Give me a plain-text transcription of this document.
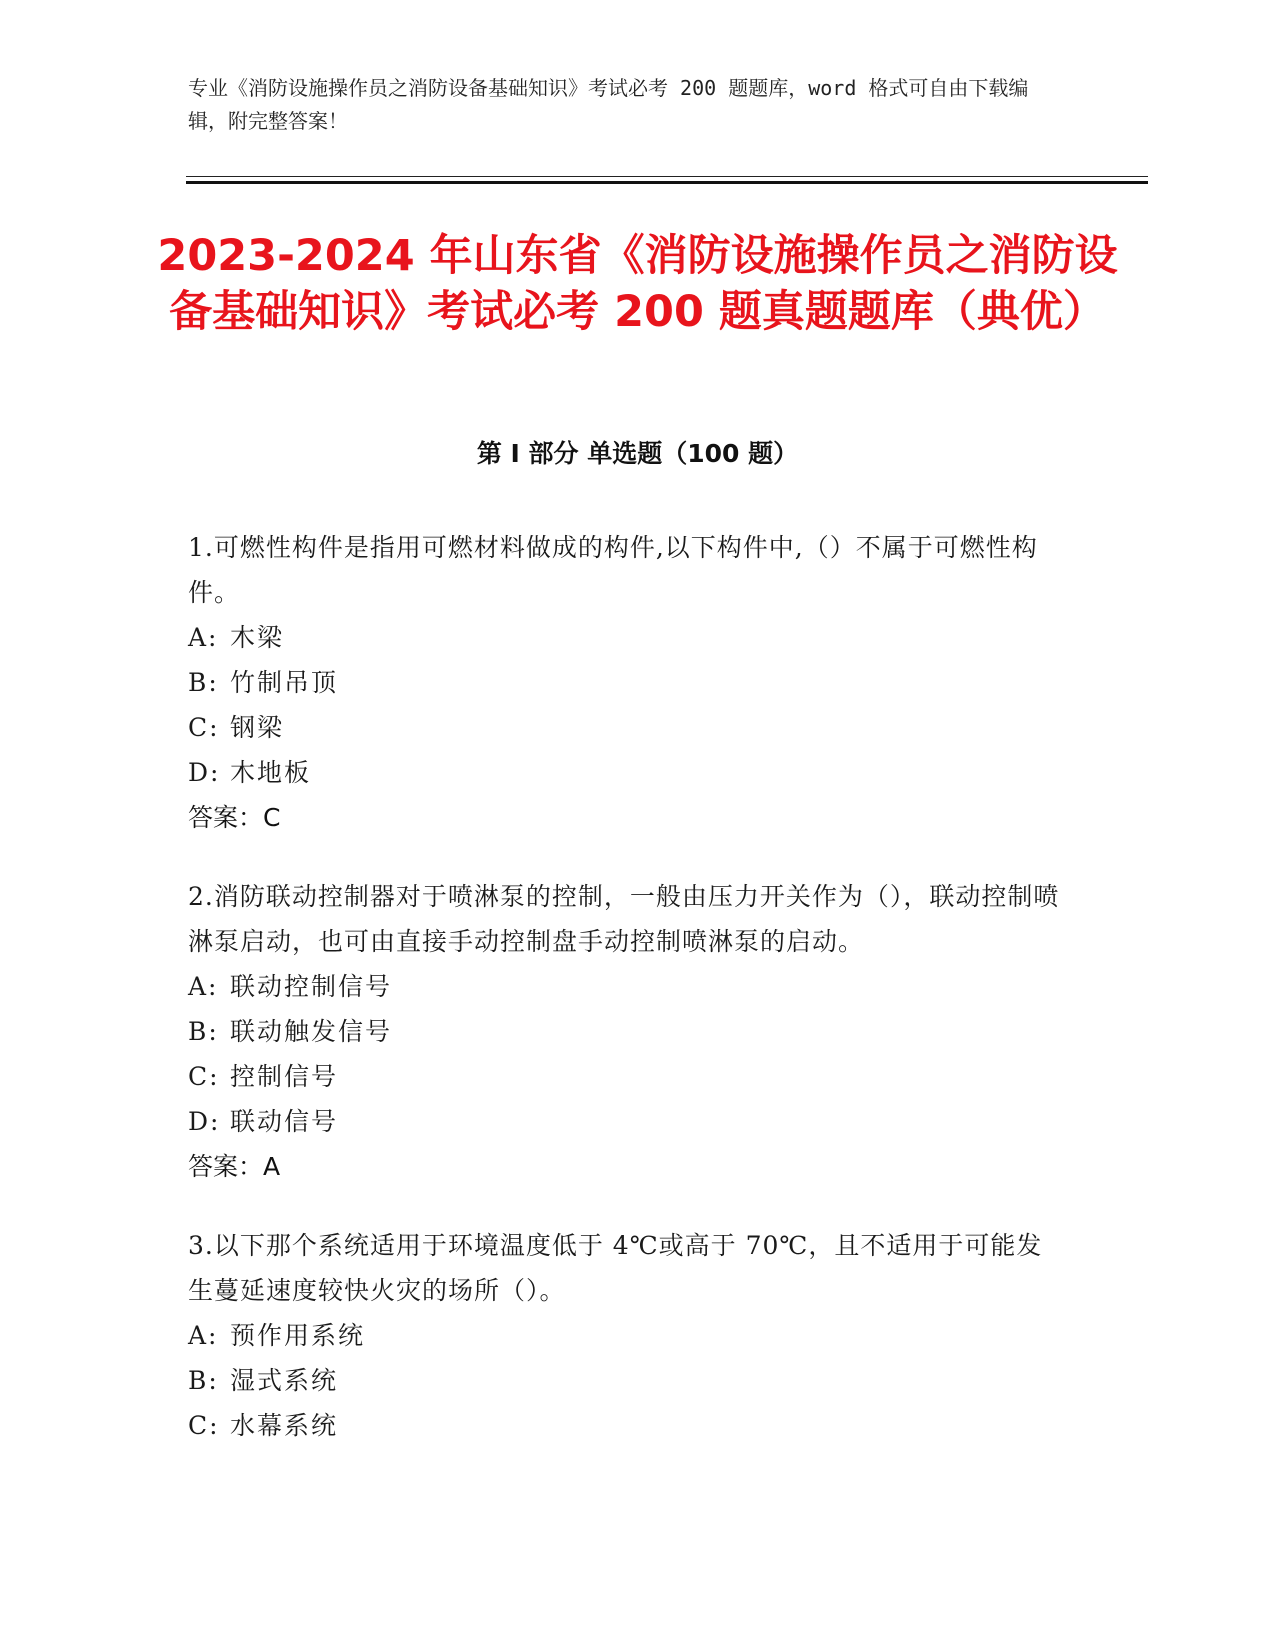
专业《消防设施操作员之消防设备基础知识》考试必考 200 题题库，word 格式可自由下载编辑，附完整答案！
2023-2024 年山东省《消防设施操作员之消防设备基础知识》考试必考 200 题真题题库（典优）
第 I 部分 单选题（100 题）
1.可燃性构件是指用可燃材料做成的构件,以下构件中,（）不属于可燃性构件。
A: 木梁
B: 竹制吊顶
C: 钢梁
D: 木地板
答案：C
2.消防联动控制器对于喷淋泵的控制，一般由压力开关作为（），联动控制喷淋泵启动，也可由直接手动控制盘手动控制喷淋泵的启动。
A: 联动控制信号
B: 联动触发信号
C: 控制信号
D: 联动信号
答案：A
3.以下那个系统适用于环境温度低于 4℃或高于 70℃，且不适用于可能发生蔓延速度较快火灾的场所（）。
A: 预作用系统
B: 湿式系统
C: 水幕系统
